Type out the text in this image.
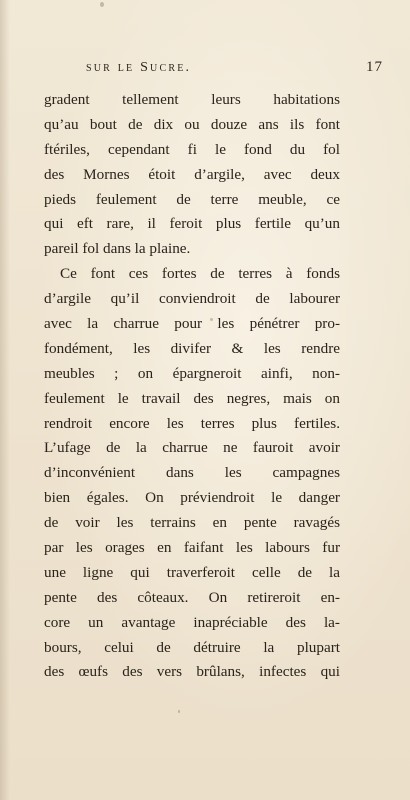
sur le Sucre.	17
gradent tellement leurs habitations
qu’au bout de dix ou douze ans ils font
ftériles, cependant fi le fond du fol
des Mornes étoit d’argile, avec deux
pieds feulement de terre meuble, ce
qui eft rare, il feroit plus fertile qu’un
pareil fol dans la plaine.
Ce font ces fortes de terres à fonds
d’argile qu’il conviendroit de labourer
avec la charrue pour les pénétrer pro-
fondément, les divifer & les rendre
meubles ; on épargneroit ainfi, non-
feulement le travail des negres, mais on
rendroit encore les terres plus fertiles.
L’ufage de la charrue ne fauroit avoir
d’inconvénient dans les campagnes
bien égales. On préviendroit le danger
de voir les terrains en pente ravagés
par les orages en faifant les labours fur
une ligne qui traverferoit celle de la
pente des côteaux. On retireroit en-
core un avantage inapréciable des la-
bours, celui de détruire la plupart
des œufs des vers brûlans, infectes qui
